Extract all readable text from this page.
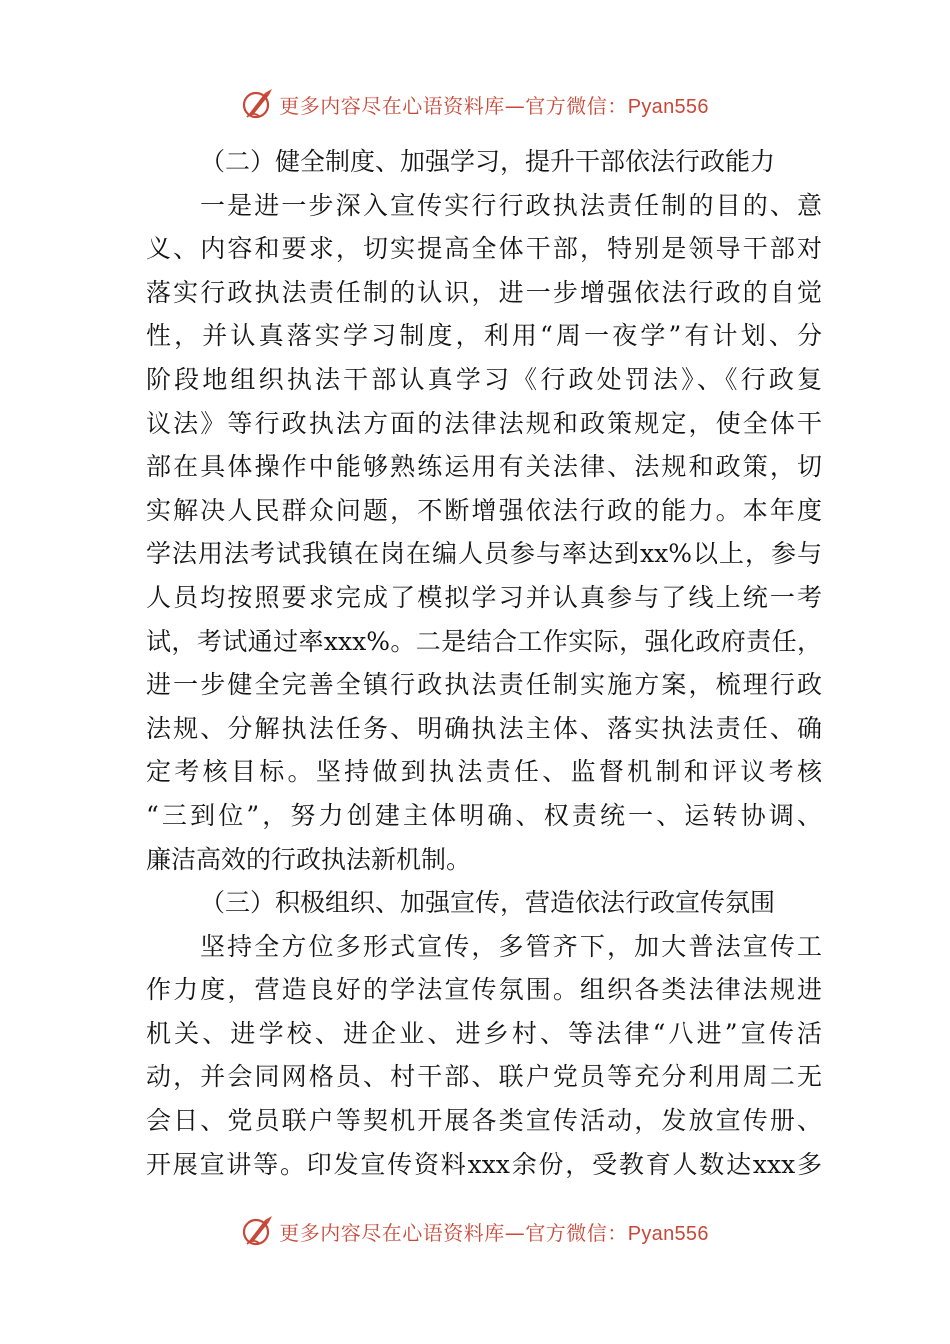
更多内容尽在心语资料库—官方微信：Pyan556
（二）健全制度、加强学习，提升干部依法行政能力
一是进一步深入宣传实行行政执法责任制的目的、意
义、内容和要求，切实提高全体干部，特别是领导干部对
落实行政执法责任制的认识，进一步增强依法行政的自觉
性，并认真落实学习制度，利用“周一夜学”有计划、分
阶段地组织执法干部认真学习《行政处罚法》、《行政复
议法》等行政执法方面的法律法规和政策规定，使全体干
部在具体操作中能够熟练运用有关法律、法规和政策，切
实解决人民群众问题，不断增强依法行政的能力。本年度
学法用法考试我镇在岗在编人员参与率达到xx%以上，参与
人员均按照要求完成了模拟学习并认真参与了线上统一考
试，考试通过率xxx%。二是结合工作实际，强化政府责任，
进一步健全完善全镇行政执法责任制实施方案，梳理行政
法规、分解执法任务、明确执法主体、落实执法责任、确
定考核目标。坚持做到执法责任、监督机制和评议考核
“三到位”，努力创建主体明确、权责统一、运转协调、
廉洁高效的行政执法新机制。
（三）积极组织、加强宣传，营造依法行政宣传氛围
坚持全方位多形式宣传，多管齐下，加大普法宣传工
作力度，营造良好的学法宣传氛围。组织各类法律法规进
机关、进学校、进企业、进乡村、等法律“八进”宣传活
动，并会同网格员、村干部、联户党员等充分利用周二无
会日、党员联户等契机开展各类宣传活动，发放宣传册、
开展宣讲等。印发宣传资料xxx余份，受教育人数达xxx多
更多内容尽在心语资料库—官方微信：Pyan556
